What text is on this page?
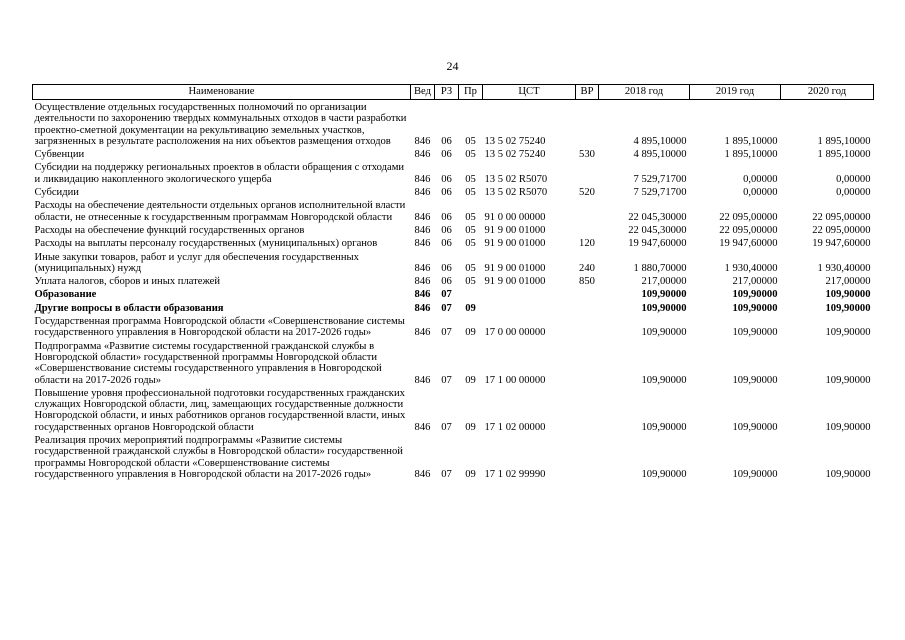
24
Наименование	Вед	РЗ	Пр	ЦСТ	ВР	2018 год	2019 год	2020 год
Осуществление отдельных государственных полномочий по организации деятельности по захоронению твердых коммунальных отходов в части разработки проектно-сметной документации на рекультивацию земельных участков, загрязненных в результате расположения на них объектов размещения отходов	846	06	05	13 5 02 75240		4 895,10000	1 895,10000	1 895,10000
Субвенции	846	06	05	13 5 02 75240	530	4 895,10000	1 895,10000	1 895,10000
Субсидии на поддержку региональных проектов в области обращения с отходами и ликвидацию накопленного экологического ущерба	846	06	05	13 5 02 R5070		7 529,71700	0,00000	0,00000
Субсидии	846	06	05	13 5 02 R5070	520	7 529,71700	0,00000	0,00000
Расходы на обеспечение деятельности отдельных органов исполнительной власти области, не отнесенные к государственным программам Новгородской области	846	06	05	91 0 00 00000		22 045,30000	22 095,00000	22 095,00000
Расходы на обеспечение функций государственных органов	846	06	05	91 9 00 01000		22 045,30000	22 095,00000	22 095,00000
Расходы на выплаты персоналу государственных (муниципальных) органов	846	06	05	91 9 00 01000	120	19 947,60000	19 947,60000	19 947,60000
Иные закупки товаров, работ и услуг для обеспечения государственных (муниципальных) нужд	846	06	05	91 9 00 01000	240	1 880,70000	1 930,40000	1 930,40000
Уплата налогов, сборов и иных платежей	846	06	05	91 9 00 01000	850	217,00000	217,00000	217,00000
Образование	846	07				109,90000	109,90000	109,90000
Другие вопросы в области образования	846	07	09			109,90000	109,90000	109,90000
Государственная программа Новгородской области «Совершенствование системы государственного управления в Новгородской области на 2017-2026 годы»	846	07	09	17 0 00 00000		109,90000	109,90000	109,90000
Подпрограмма «Развитие системы государственной гражданской службы в Новгородской области» государственной программы Новгородской области «Совершенствование системы государственного управления в Новгородской области на 2017-2026 годы»	846	07	09	17 1 00 00000		109,90000	109,90000	109,90000
Повышение уровня профессиональной подготовки государственных гражданских служащих Новгородской области, лиц, замещающих государственные должности Новгородской области, и иных работников органов государственной власти, иных государственных органов Новгородской области	846	07	09	17 1 02 00000		109,90000	109,90000	109,90000
Реализация прочих мероприятий подпрограммы «Развитие системы государственной гражданской службы в Новгородской области» государственной программы Новгородской области «Совершенствование системы государственного управления в Новгородской области на 2017-2026 годы»	846	07	09	17 1 02 99990		109,90000	109,90000	109,90000
